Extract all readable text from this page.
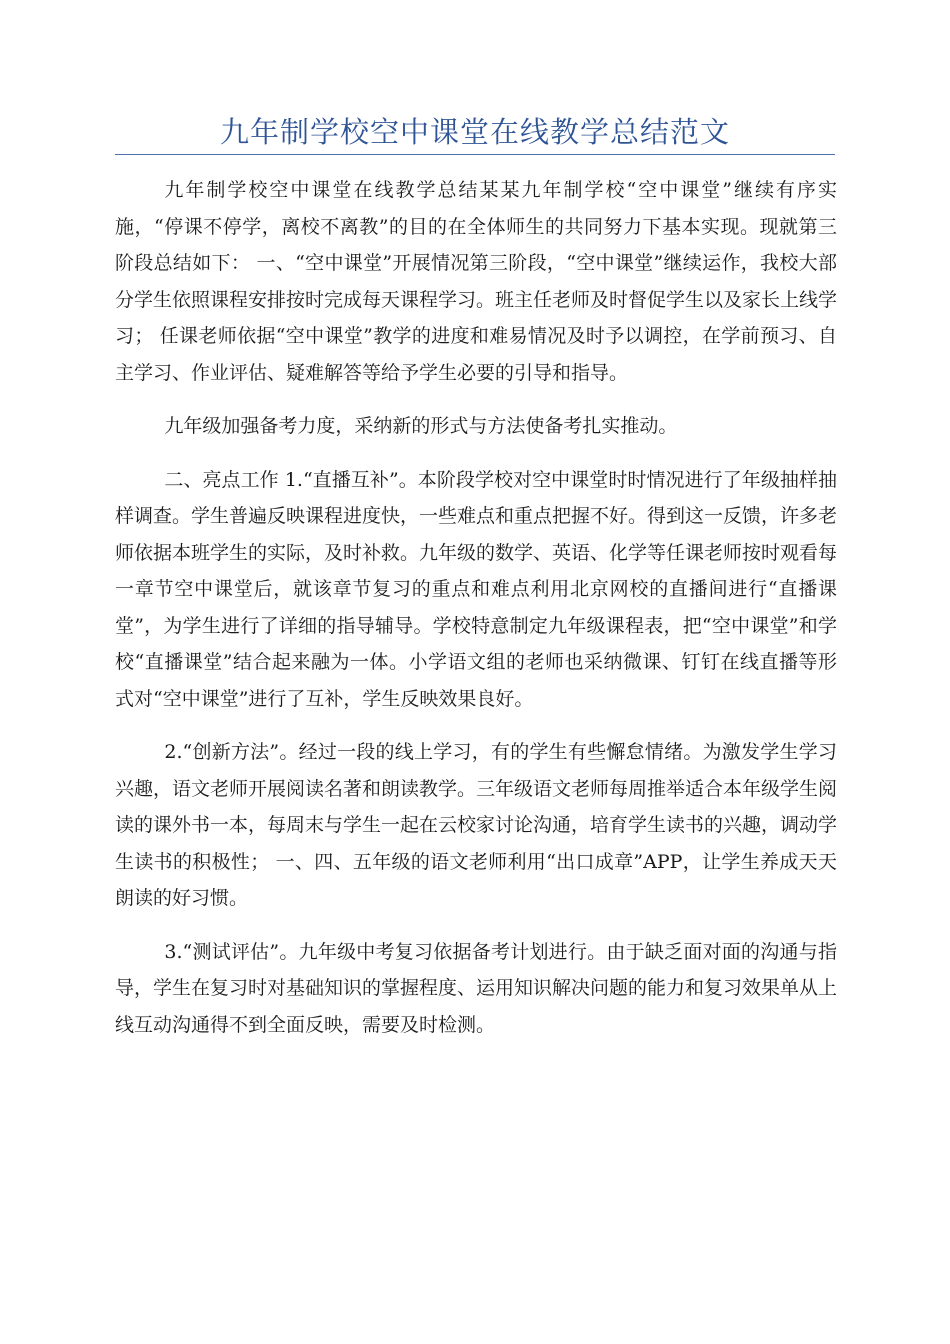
九年制学校空中课堂在线教学总结范文

九年制学校空中课堂在线教学总结某某九年制学校“空中课堂”继续有序实施，“停课不停学，离校不离教”的目的在全体师生的共同努力下基本实现。现就第三阶段总结如下： 一、“空中课堂”开展情况第三阶段，“空中课堂”继续运作，我校大部分学生依照课程安排按时完成每天课程学习。班主任老师及时督促学生以及家长上线学习； 任课老师依据“空中课堂”教学的进度和难易情况及时予以调控，在学前预习、自主学习、作业评估、疑难解答等给予学生必要的引导和指导。

九年级加强备考力度，采纳新的形式与方法使备考扎实推动。

二、亮点工作 1.“直播互补”。本阶段学校对空中课堂时时情况进行了年级抽样抽样调查。学生普遍反映课程进度快，一些难点和重点把握不好。得到这一反馈，许多老师依据本班学生的实际，及时补救。九年级的数学、英语、化学等任课老师按时观看每一章节空中课堂后，就该章节复习的重点和难点利用北京网校的直播间进行“直播课堂”，为学生进行了详细的指导辅导。学校特意制定九年级课程表，把“空中课堂”和学校“直播课堂”结合起来融为一体。小学语文组的老师也采纳微课、钉钉在线直播等形式对“空中课堂”进行了互补，学生反映效果良好。

2.“创新方法”。经过一段的线上学习，有的学生有些懈怠情绪。为激发学生学习兴趣，语文老师开展阅读名著和朗读教学。三年级语文老师每周推举适合本年级学生阅读的课外书一本，每周末与学生一起在云校家讨论沟通，培育学生读书的兴趣，调动学生读书的积极性； 一、四、五年级的语文老师利用“出口成章”APP，让学生养成天天朗读的好习惯。

3.“测试评估”。九年级中考复习依据备考计划进行。由于缺乏面对面的沟通与指导，学生在复习时对基础知识的掌握程度、运用知识解决问题的能力和复习效果单从上线互动沟通得不到全面反映，需要及时检测。
